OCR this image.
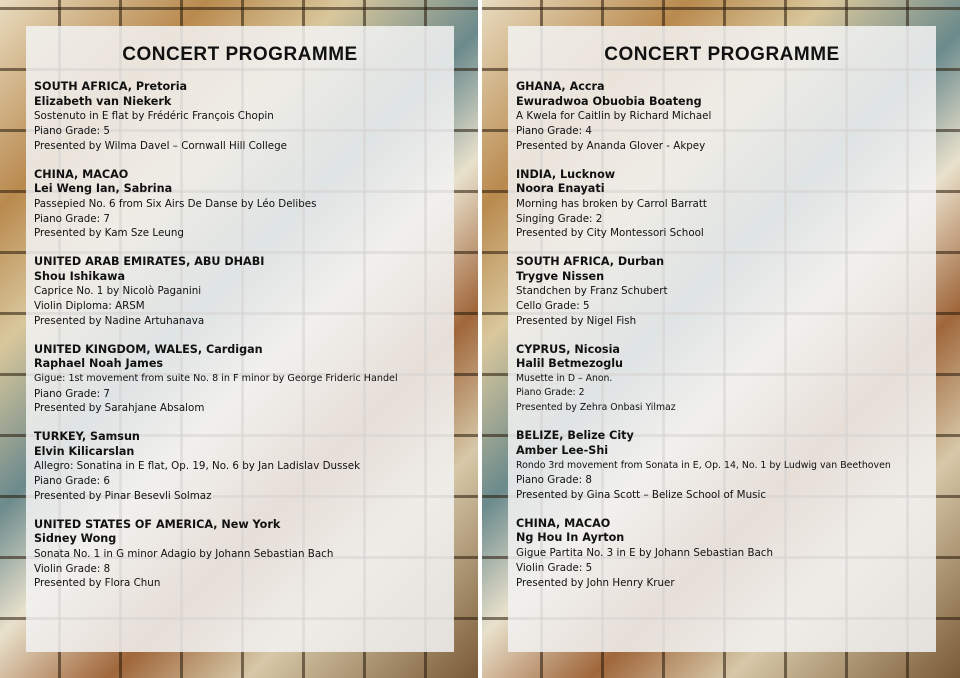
CONCERT PROGRAMME
SOUTH AFRICA, Pretoria
Elizabeth van Niekerk
Sostenuto in E flat by Frédéric François Chopin
Piano Grade: 5
Presented by Wilma Davel – Cornwall Hill College
CHINA, MACAO
Lei Weng Ian, Sabrina
Passepied No. 6 from Six Airs De Danse by Léo Delibes
Piano Grade: 7
Presented by Kam Sze Leung
UNITED ARAB EMIRATES, ABU DHABI
Shou Ishikawa
Caprice No. 1 by Nicolò Paganini
Violin Diploma: ARSM
Presented by Nadine Artuhanava
UNITED KINGDOM, WALES, Cardigan
Raphael Noah James
Gigue: 1st movement from suite No. 8 in F minor by George Frideric Handel
Piano Grade: 7
Presented by Sarahjane Absalom
TURKEY, Samsun
Elvin Kilicarslan
Allegro: Sonatina in E flat, Op. 19, No. 6 by Jan Ladislav Dussek
Piano Grade: 6
Presented by Pinar Besevli Solmaz
UNITED STATES OF AMERICA, New York
Sidney Wong
Sonata No. 1 in G minor Adagio by Johann Sebastian Bach
Violin Grade: 8
Presented by Flora Chun
CONCERT PROGRAMME
GHANA, Accra
Ewuradwoa Obuobia Boateng
A Kwela for Caitlin by Richard Michael
Piano Grade: 4
Presented by Ananda Glover - Akpey
INDIA, Lucknow
Noora Enayati
Morning has broken by Carrol Barratt
Singing Grade: 2
Presented by City Montessori School
SOUTH AFRICA, Durban
Trygve Nissen
Standchen by Franz Schubert
Cello Grade: 5
Presented by Nigel Fish
CYPRUS, Nicosia
Halil Betmezoglu
Musette in D – Anon.
Piano Grade: 2
Presented by Zehra Onbasi Yilmaz
BELIZE, Belize City
Amber Lee-Shi
Rondo 3rd movement from Sonata in E, Op. 14, No. 1 by Ludwig van Beethoven
Piano Grade: 8
Presented by Gina Scott – Belize School of Music
CHINA, MACAO
Ng Hou In Ayrton
Gigue Partita No. 3 in E by Johann Sebastian Bach
Violin Grade: 5
Presented by John Henry Kruer
